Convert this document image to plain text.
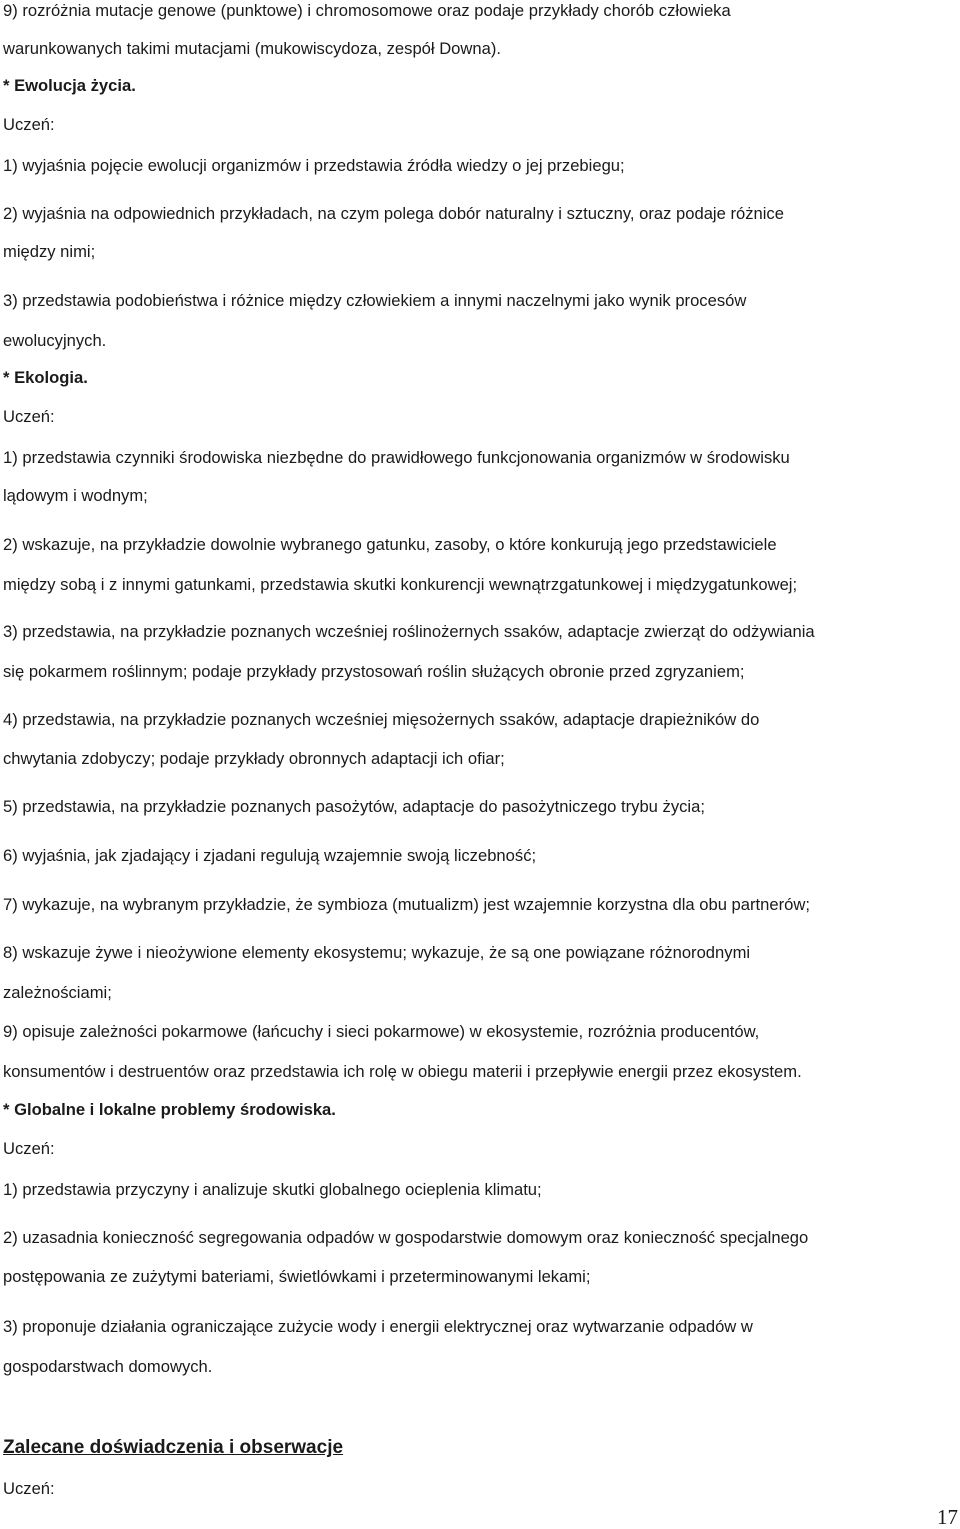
9) rozróżnia mutacje genowe (punktowe) i chromosomowe oraz podaje przykłady chorób człowieka
warunkowanych takimi mutacjami (mukowiscydoza, zespół Downa).
* Ewolucja życia.
Uczeń:
1) wyjaśnia pojęcie ewolucji organizmów i przedstawia źródła wiedzy o jej przebiegu;
2) wyjaśnia na odpowiednich przykładach, na czym polega dobór naturalny i sztuczny, oraz podaje różnice
między nimi;
3) przedstawia podobieństwa i różnice między człowiekiem a innymi naczelnymi jako wynik procesów
ewolucyjnych.
* Ekologia.
Uczeń:
1) przedstawia czynniki środowiska niezbędne do prawidłowego funkcjonowania organizmów w środowisku
lądowym i wodnym;
2) wskazuje, na przykładzie dowolnie wybranego gatunku, zasoby, o które konkurują jego przedstawiciele
między sobą i z innymi gatunkami, przedstawia skutki konkurencji wewnątrzgatunkowej i międzygatunkowej;
3) przedstawia, na przykładzie poznanych wcześniej roślinożernych ssaków, adaptacje zwierząt do odżywiania
się pokarmem roślinnym; podaje przykłady przystosowań roślin służących obronie przed zgryzaniem;
4) przedstawia, na przykładzie poznanych wcześniej mięsożernych ssaków, adaptacje drapieżników do
chwytania zdobyczy; podaje przykłady obronnych adaptacji ich ofiar;
5) przedstawia, na przykładzie poznanych pasożytów, adaptacje do pasożytniczego trybu życia;
6) wyjaśnia, jak zjadający i zjadani regulują wzajemnie swoją liczebność;
7) wykazuje, na wybranym przykładzie, że symbioza (mutualizm) jest wzajemnie korzystna dla obu partnerów;
8) wskazuje żywe i nieożywione elementy ekosystemu; wykazuje, że są one powiązane różnorodnymi
zależnościami;
9) opisuje zależności pokarmowe (łańcuchy i sieci pokarmowe) w ekosystemie, rozróżnia producentów,
konsumentów i destruentów oraz przedstawia ich rolę w obiegu materii i przepływie energii przez ekosystem.
* Globalne i lokalne problemy środowiska.
Uczeń:
1) przedstawia przyczyny i analizuje skutki globalnego ocieplenia klimatu;
2) uzasadnia konieczność segregowania odpadów w gospodarstwie domowym oraz konieczność specjalnego
postępowania ze zużytymi bateriami, świetlówkami i przeterminowanymi lekami;
3) proponuje działania ograniczające zużycie wody i energii elektrycznej oraz wytwarzanie odpadów w
gospodarstwach domowych.
Zalecane doświadczenia i obserwacje
Uczeń:
17
